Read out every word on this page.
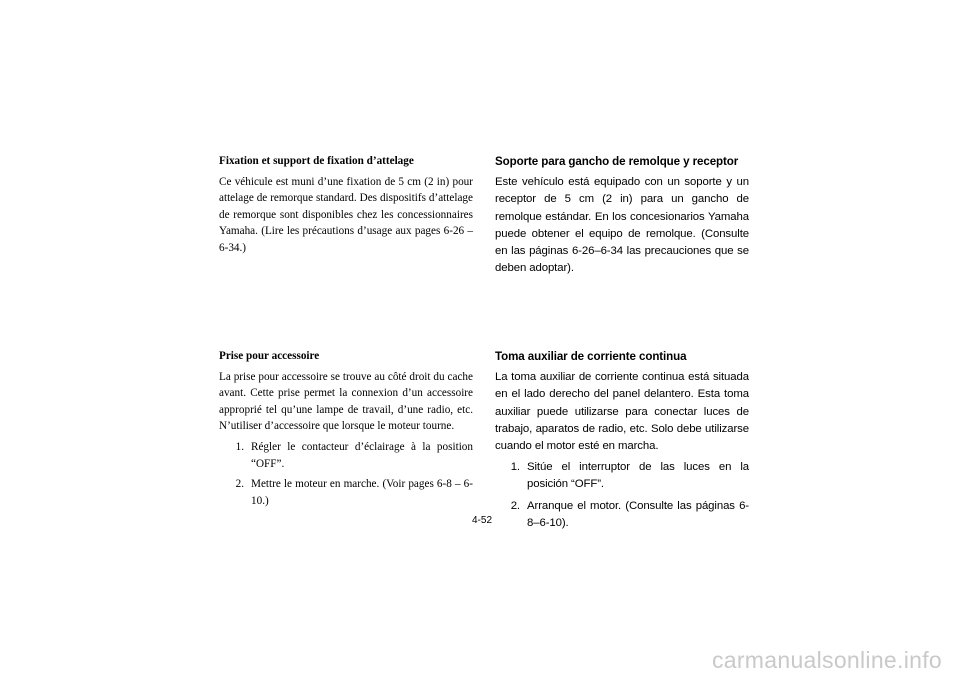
Fixation et support de fixation d’attelage

Ce véhicule est muni d’une fixation de 5 cm (2 in) pour attelage de remorque standard. Des dispositifs d’attelage de remorque sont disponibles chez les concessionnaires Yamaha. (Lire les précautions d’usage aux pages 6-26 – 6-34.)

Soporte para gancho de remolque y receptor

Este vehículo está equipado con un soporte y un receptor de 5 cm (2 in) para un gancho de remolque estándar. En los concesionarios Yamaha puede obtener el equipo de remolque. (Consulte en las páginas 6-26–6-34 las precauciones que se deben adoptar).

Prise pour accessoire

La prise pour accessoire se trouve au côté droit du cache avant. Cette prise permet la connexion d’un accessoire approprié tel qu’une lampe de travail, d’une radio, etc. N’utiliser d’accessoire que lorsque le moteur tourne.

1. Régler le contacteur d’éclairage à la position “OFF”.
2. Mettre le moteur en marche. (Voir pages 6-8 – 6-10.)
Toma auxiliar de corriente continua

La toma auxiliar de corriente continua está situada en el lado derecho del panel delantero. Esta toma auxiliar puede utilizarse para conectar luces de trabajo, aparatos de radio, etc. Solo debe utilizarse cuando el motor esté en marcha.

1. Sitúe el interruptor de las luces en la posición “OFF”.
2. Arranque el motor. (Consulte las páginas 6-8–6-10).
4-52
carmanualsonline.info
